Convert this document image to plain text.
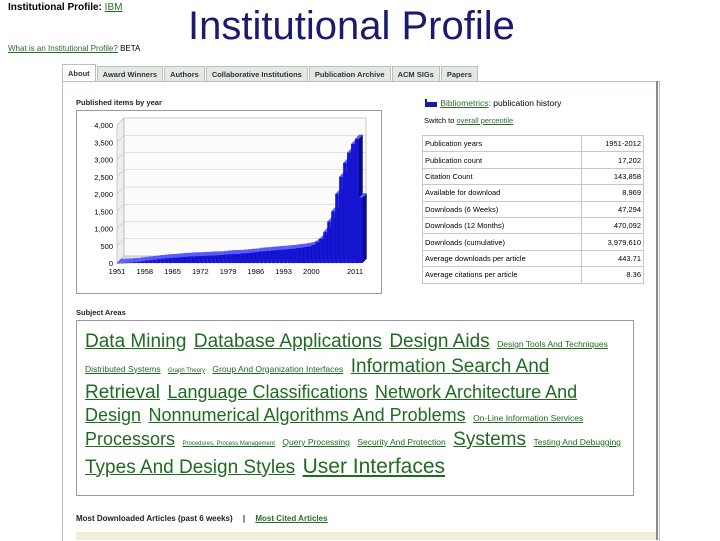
Institutional Profile: IBM
What is an Institutional Profile? BETA
Institutional Profile
About	Award Winners	Authors	Collaborative Institutions	Publication Archive	ACM SIGs	Papers
Published items by year
0
500
1,000
1,500
2,000
2,500
3,000
3,500
4,000
1951 1958 1965 1972 1979 1986 1993 2000	2011
Bibliometrics: publication history
Switch to overall percentile
Publication years	1951-2012
Publication count	17,202
Citation Count	143,858
Available for download	8,969
Downloads (6 Weeks)	47,294
Downloads (12 Months)	470,092
Downloads (cumulative)	3,979,610
Average downloads per article	443.71
Average citations per article	8.36
Subject Areas
Data Mining Database Applications Design Aids Design Tools And Techniques Distributed Systems Graph Theory Group And Organization Interfaces Information Search And Retrieval Language Classifications Network Architecture And Design Nonnumerical Algorithms And Problems On-Line Information Services Processors Procedures, Process Management Query Processing Security And Protection Systems Testing And Debugging Types And Design Styles User Interfaces
Most Downloaded Articles (past 6 weeks) | Most Cited Articles
